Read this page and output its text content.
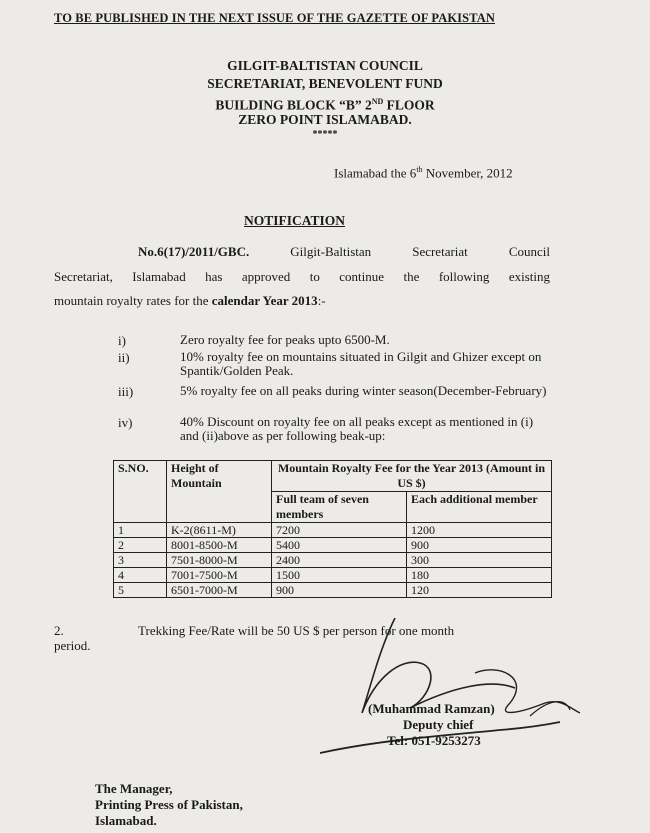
TO BE PUBLISHED IN THE NEXT ISSUE OF THE GAZETTE OF PAKISTAN
GILGIT-BALTISTAN COUNCIL
SECRETARIAT, BENEVOLENT FUND
BUILDING BLOCK “B” 2ND FLOOR
ZERO POINT ISLAMABAD.
*****
Islamabad the 6th November, 2012
NOTIFICATION
No.6(17)/2011/GBC.	Gilgit-Baltistan Secretariat Council
Secretariat, Islamabad has approved to continue the following existing
mountain royalty rates for the calendar Year 2013:-
i)	Zero royalty fee for peaks upto 6500-M.
ii)	10% royalty fee on mountains situated in Gilgit and Ghizer except on Spantik/Golden Peak.
iii)	5% royalty fee on all peaks during winter season(December-February)
iv)	40% Discount on royalty fee on all peaks except as mentioned in (i) and (ii)above as per following beak-up:
S.NO.	Height of Mountain	Mountain Royalty Fee for the Year 2013 (Amount in US $)	
		Full team of seven members	Each additional member
1	K-2(8611-M)	7200	1200
2	8001-8500-M	5400	900
3	7501-8000-M	2400	300
4	7001-7500-M	1500	180
5	6501-7000-M	900	120
2.	Trekking Fee/Rate will be 50 US $ per person for one month
period.
(Muhammad Ramzan)
Deputy chief
Tel: 051-9253273
The Manager,
Printing Press of Pakistan,
Islamabad.
